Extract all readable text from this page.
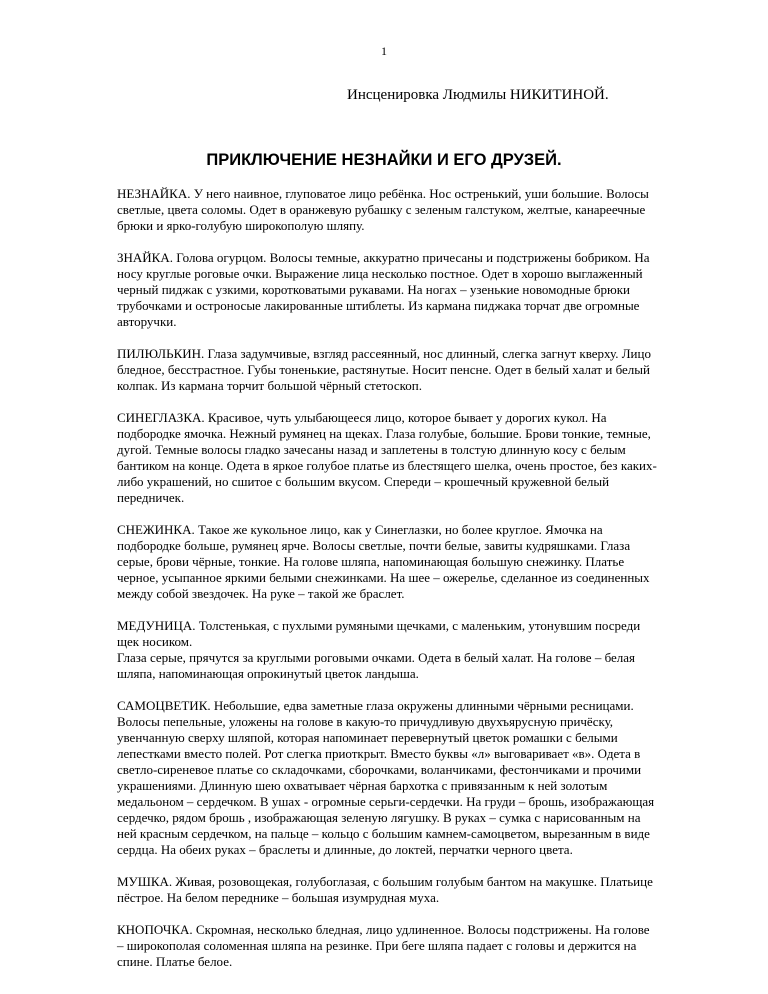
1
Инсценировка Людмилы НИКИТИНОЙ.
ПРИКЛЮЧЕНИЕ НЕЗНАЙКИ И ЕГО ДРУЗЕЙ.

НЕЗНАЙКА. У него наивное, глуповатое лицо ребёнка. Нос остренький, уши большие. Волосы светлые, цвета соломы. Одет в оранжевую рубашку с зеленым галстуком, желтые, канареечные брюки и ярко-голубую широкополую шляпу.

ЗНАЙКА. Голова огурцом. Волосы темные, аккуратно причесаны и подстрижены бобриком. На носу круглые роговые очки. Выражение лица несколько постное. Одет в хорошо выглаженный черный пиджак с узкими, коротковатыми рукавами. На ногах – узенькие новомодные брюки трубочками и остроносые лакированные штиблеты. Из кармана пиджака торчат две огромные авторучки.

ПИЛЮЛЬКИН. Глаза задумчивые, взгляд рассеянный, нос длинный, слегка загнут кверху. Лицо бледное, бесстрастное. Губы тоненькие, растянутые. Носит пенсне. Одет в белый халат и белый колпак. Из кармана торчит большой чёрный стетоскоп.

СИНЕГЛАЗКА. Красивое, чуть улыбающееся лицо, которое бывает у дорогих кукол. На подбородке ямочка. Нежный румянец на щеках. Глаза голубые, большие. Брови тонкие, темные, дугой. Темные волосы гладко зачесаны назад и заплетены в толстую длинную косу с белым бантиком на конце. Одета в яркое голубое платье из блестящего шелка, очень простое, без каких-либо украшений, но сшитое с большим вкусом. Спереди – крошечный кружевной белый передничек.

СНЕЖИНКА. Такое же кукольное лицо, как у Синеглазки, но более круглое. Ямочка на подбородке больше, румянец ярче. Волосы светлые, почти белые, завиты кудряшками. Глаза серые, брови чёрные, тонкие. На голове шляпа, напоминающая большую снежинку. Платье черное, усыпанное яркими белыми снежинками. На шее – ожерелье, сделанное из соединенных между собой звездочек. На руке – такой же браслет.

МЕДУНИЦА. Толстенькая, с пухлыми румяными щечками, с маленьким, утонувшим посреди щек носиком.
Глаза серые, прячутся за круглыми роговыми очками. Одета в белый халат. На голове – белая шляпа, напоминающая опрокинутый цветок ландыша.

САМОЦВЕТИК. Небольшие, едва заметные глаза окружены длинными чёрными ресницами. Волосы пепельные, уложены на голове в какую-то причудливую двухъярусную причёску, увенчанную сверху шляпой, которая напоминает перевернутый цветок ромашки с белыми лепестками вместо полей. Рот слегка приоткрыт. Вместо буквы «л» выговаривает «в». Одета в светло-сиреневое платье со складочками, сборочками, воланчиками, фестончиками и прочими украшениями. Длинную шею охватывает чёрная бархотка с привязанным к ней золотым медальоном – сердечком. В ушах - огромные серьги-сердечки. На груди – брошь, изображающая сердечко, рядом брошь , изображающая зеленую лягушку. В руках – сумка с нарисованным на ней красным сердечком, на пальце – кольцо с большим камнем-самоцветом, вырезанным в виде сердца. На обеих руках – браслеты и длинные, до локтей, перчатки черного цвета.

МУШКА. Живая, розовощекая, голубоглазая, с большим голубым бантом на макушке. Платьице пёстрое. На белом переднике – большая изумрудная муха.

КНОПОЧКА. Скромная, несколько бледная, лицо удлиненное. Волосы подстрижены. На голове – широкополая соломенная шляпа на резинке. При беге шляпа падает с головы и держится на спине. Платье белое.
